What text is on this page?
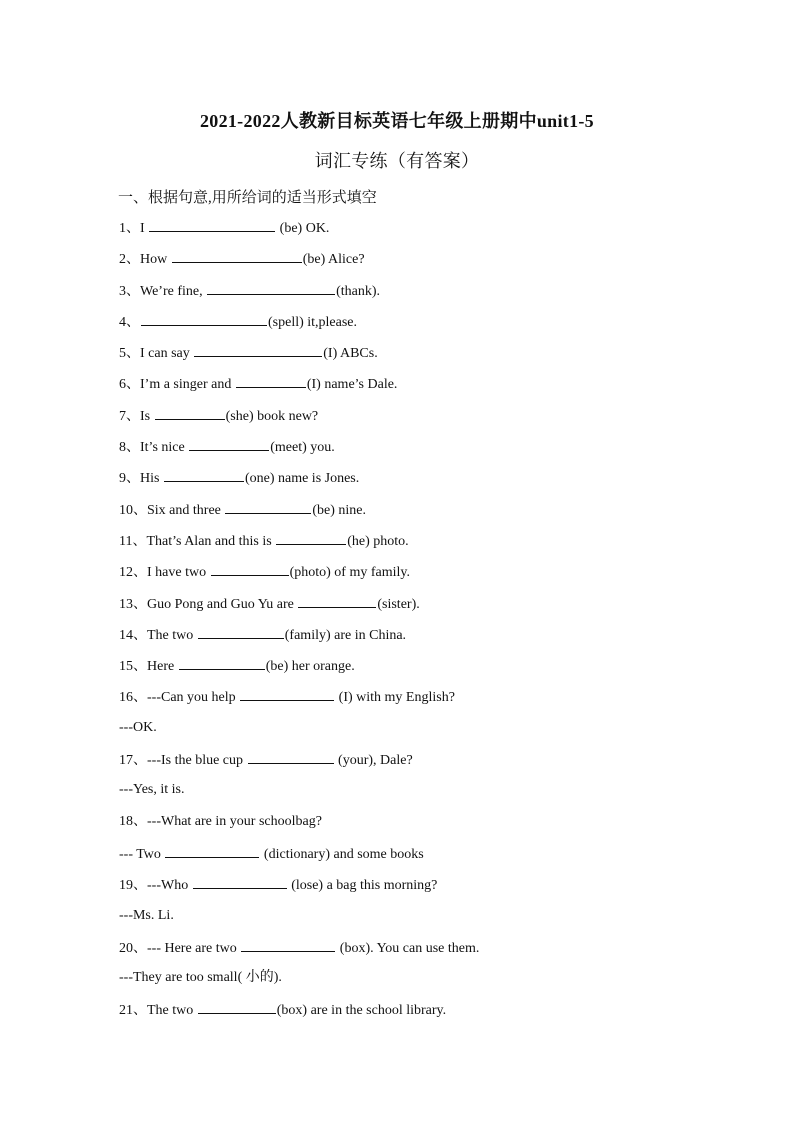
2021-2022人教新目标英语七年级上册期中unit1-5
词汇专练（有答案）
一、根据句意,用所给词的适当形式填空
1、I	(be) OK.
2、How	(be) Alice?
3、We’re fine,	(thank).
4、	(spell) it,please.
5、I can say	(I) ABCs.
6、I’m a singer and	(I) name’s Dale.
7、Is	(she) book new?
8、It’s nice	(meet) you.
9、His	(one) name is Jones.
10、Six and three	(be) nine.
11、That’s Alan and this is	(he) photo.
12、I have two	(photo) of my family.
13、Guo Pong and Guo Yu are	(sister).
14、The two	(family) are in China.
15、Here	(be) her orange.
16、---Can you help	(I) with my English?
---OK.
17、---Is the blue cup	(your), Dale?
---Yes, it is.
18、---What are in your schoolbag?
--- Two	(dictionary) and some books
19、---Who	(lose) a bag this morning?
---Ms. Li.
20、--- Here are two	(box). You can use them.
---They are too small( 小的).
21、The two	(box) are in the school library.
